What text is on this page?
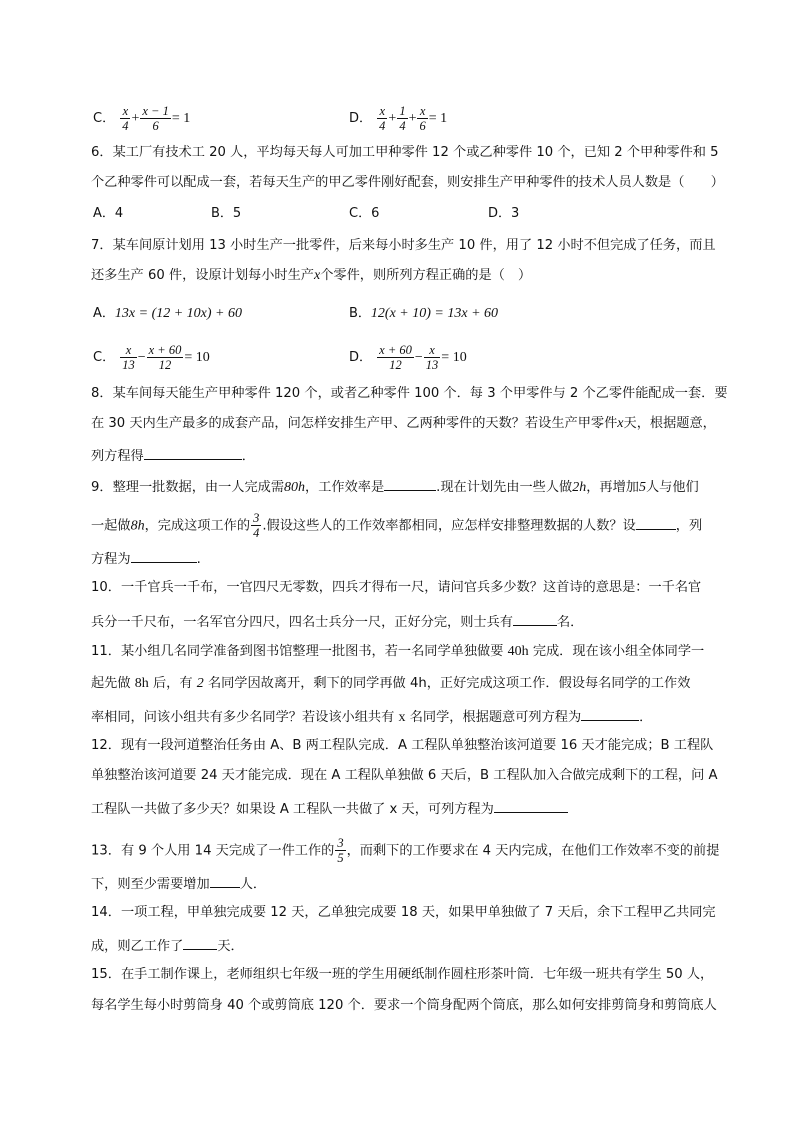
C． $\frac{x}{4} + \frac{x - 1}{6} = 1$	D． $\frac{x}{4} + \frac{1}{4} + \frac{x}{6} = 1$
6．某工厂有技术工 20 人，平均每天每人可加工甲种零件 12 个或乙种零件 10 个，已知 2 个甲种零件和 5
个乙种零件可以配成一套，若每天生产的甲乙零件刚好配套，则安排生产甲种零件的技术人员人数是（　　）
A．4	B．5	C．6	D．3
7．某车间原计划用 13 小时生产一批零件，后来每小时多生产 10 件，用了 12 小时不但完成了任务，而且
还多生产 60 件，设原计划每小时生产x个零件，则所列方程正确的是（　）
A．13x = (12 + 10x) + 60	B．12(x + 10) = 13x + 60
C． $\frac{x}{13} - \frac{x + 60}{12} = 10$	D． $\frac{x + 60}{12} - \frac{x}{13} = 10$
8．某车间每天能生产甲种零件 120 个，或者乙种零件 100 个．每 3 个甲零件与 2 个乙零件能配成一套．要
在 30 天内生产最多的成套产品，问怎样安排生产甲、乙两种零件的天数？若设生产甲零件x天，根据题意，
列方程得	．
9．整理一批数据，由一人完成需80h，工作效率是	.现在计划先由一些人做2h，再增加5人与他们
一起做8h，完成这项工作的 $\frac{3}{4}$ .假设这些人的工作效率都相同，应怎样安排整理数据的人数？设	，列
方程为	.
10．一千官兵一千布，一官四尺无零数，四兵才得布一尺，请问官兵多少数？这首诗的意思是：一千名官
兵分一千尺布，一名军官分四尺，四名士兵分一尺，正好分完，则士兵有	名．
11．某小组几名同学准备到图书馆整理一批图书，若一名同学单独做要 40h 完成．现在该小组全体同学一
起先做 8h 后，有 2 名同学因故离开，剩下的同学再做 4h，正好完成这项工作．假设每名同学的工作效
率相同，问该小组共有多少名同学？若设该小组共有 x 名同学，根据题意可列方程为	．
12．现有一段河道整治任务由 A、B 两工程队完成．A 工程队单独整治该河道要 16 天才能完成；B 工程队
单独整治该河道要 24 天才能完成．现在 A 工程队单独做 6 天后，B 工程队加入合做完成剩下的工程，问 A
工程队一共做了多少天？如果设 A 工程队一共做了 x 天，可列方程为
13．有 9 个人用 14 天完成了一件工作的 $\frac{3}{5}$ ，而剩下的工作要求在 4 天内完成，在他们工作效率不变的前提
下，则至少需要增加 人．
14．一项工程，甲单独完成要 12 天，乙单独完成要 18 天，如果甲单独做了 7 天后，余下工程甲乙共同完
成，则乙工作了	天．
15．在手工制作课上，老师组织七年级一班的学生用硬纸制作圆柱形茶叶筒．七年级一班共有学生 50 人，
每名学生每小时剪筒身 40 个或剪筒底 120 个．要求一个筒身配两个筒底，那么如何安排剪筒身和剪筒底人
